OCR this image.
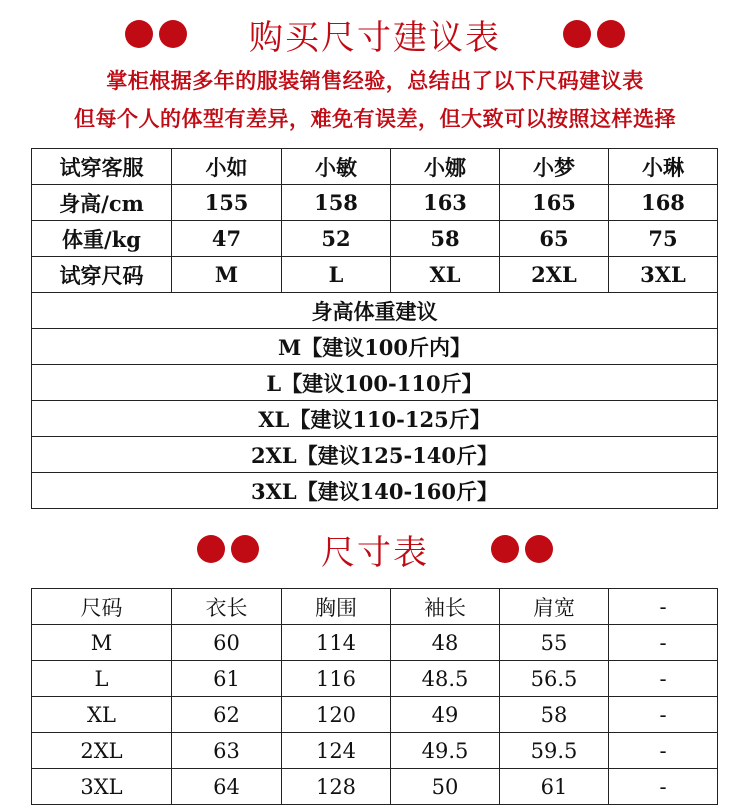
购买尺寸建议表
掌柜根据多年的服装销售经验，总结出了以下尺码建议表
但每个人的体型有差异，难免有误差，但大致可以按照这样选择
试穿客服	小如	小敏	小娜	小梦	小琳
身高/cm	155	158	163	165	168
体重/kg	47	52	58	65	75
试穿尺码	M	L	XL	2XL	3XL
身高体重建议					
M【建议100斤内】					
L【建议100-110斤】					
XL【建议110-125斤】					
2XL【建议125-140斤】					
3XL【建议140-160斤】					
尺寸表
尺码	衣长	胸围	袖长	肩宽	-
M	60	114	48	55	-
L	61	116	48.5	56.5	-
XL	62	120	49	58	-
2XL	63	124	49.5	59.5	-
3XL	64	128	50	61	-
